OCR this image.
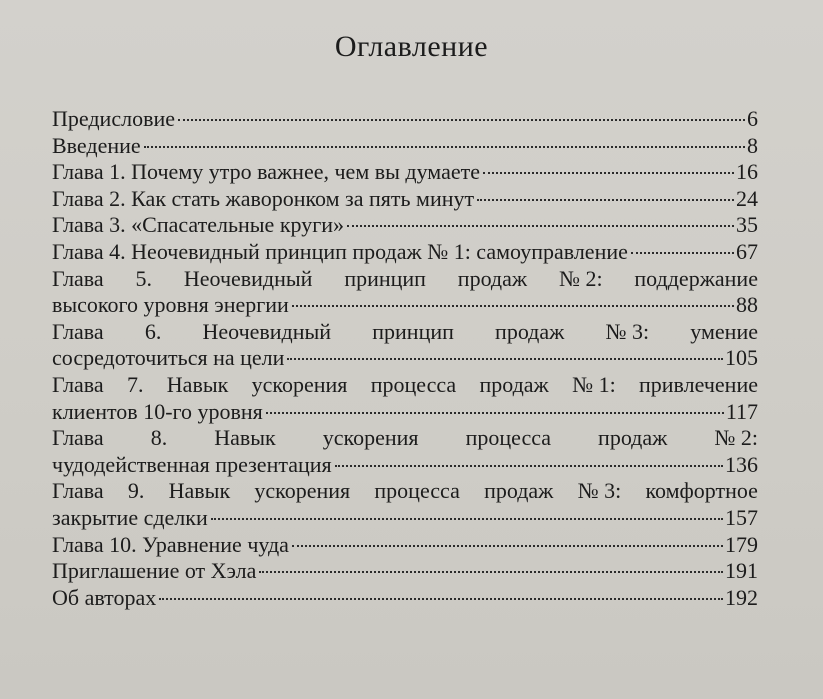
Оглавление
Предисловие	6
Введение	8
Глава 1. Почему утро важнее, чем вы думаете	16
Глава 2. Как стать жаворонком за пять минут	24
Глава 3. «Спасательные круги»	35
Глава 4. Неочевидный принцип продаж № 1: самоуправление	67
Глава 5. Неочевидный принцип продаж № 2: поддержание
высокого уровня энергии	88
Глава 6. Неочевидный принцип продаж № 3: умение
сосредоточиться на цели	105
Глава 7. Навык ускорения процесса продаж № 1: привлечение
клиентов 10-го уровня	117
Глава 8. Навык ускорения процесса продаж № 2:
чудодейственная презентация	136
Глава 9. Навык ускорения процесса продаж № 3: комфортное
закрытие сделки	157
Глава 10. Уравнение чуда	179
Приглашение от Хэла	191
Об авторах	192
